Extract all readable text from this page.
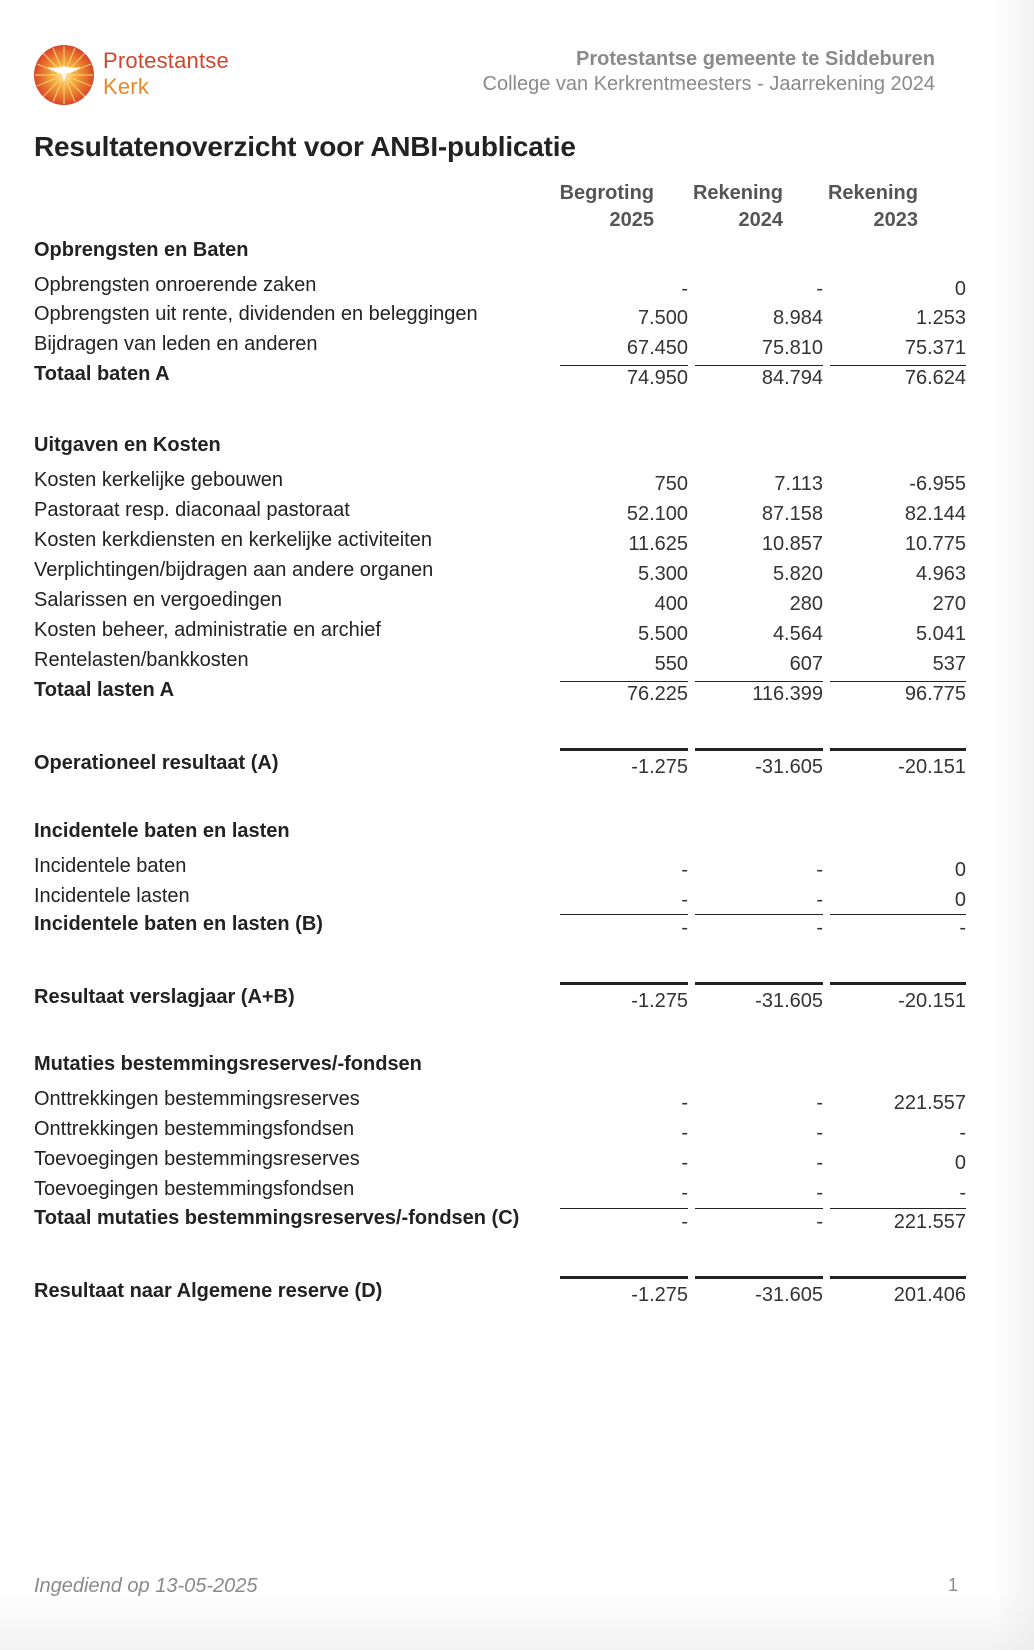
Protestantse
Kerk
Protestantse gemeente te Siddeburen
College van Kerkrentmeesters - Jaarrekening 2024
Resultatenoverzicht voor ANBI-publicatie
Begroting
2025
Rekening
2024
Rekening
2023
Opbrengsten en Baten
Opbrengsten onroerende zaken	-	-	0
Opbrengsten uit rente, dividenden en beleggingen	7.500	8.984	1.253
Bijdragen van leden en anderen	67.450	75.810	75.371
Totaal baten A	74.950	84.794	76.624
Uitgaven en Kosten
Kosten kerkelijke gebouwen	750	7.113	-6.955
Pastoraat resp. diaconaal pastoraat	52.100	87.158	82.144
Kosten kerkdiensten en kerkelijke activiteiten	11.625	10.857	10.775
Verplichtingen/bijdragen aan andere organen	5.300	5.820	4.963
Salarissen en vergoedingen	400	280	270
Kosten beheer, administratie en archief	5.500	4.564	5.041
Rentelasten/bankkosten	550	607	537
Totaal lasten A	76.225	116.399	96.775
Operationeel resultaat (A)	-1.275	-31.605	-20.151
Incidentele baten en lasten
Incidentele baten	-	-	0
Incidentele lasten	-	-	0
Incidentele baten en lasten (B)	-	-	-
Resultaat verslagjaar (A+B)	-1.275	-31.605	-20.151
Mutaties bestemmingsreserves/-fondsen
Onttrekkingen bestemmingsreserves	-	-	221.557
Onttrekkingen bestemmingsfondsen	-	-	-
Toevoegingen bestemmingsreserves	-	-	0
Toevoegingen bestemmingsfondsen	-	-	-
Totaal mutaties bestemmingsreserves/-fondsen (C)	-	-	221.557
Resultaat naar Algemene reserve (D)	-1.275	-31.605	201.406
Ingediend op 13-05-2025	1
